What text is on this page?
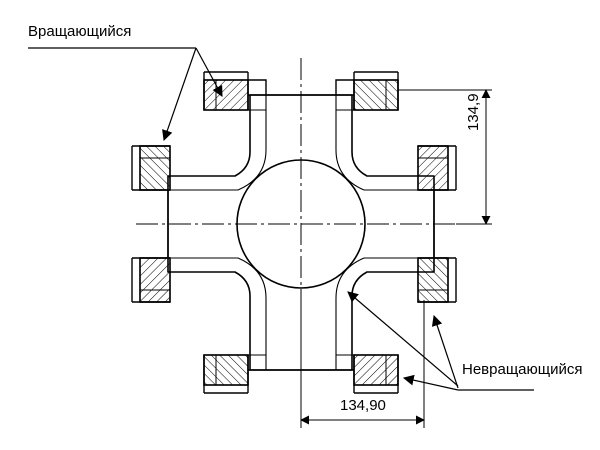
Вращающийся
Невращающийся
134,9
134,90
